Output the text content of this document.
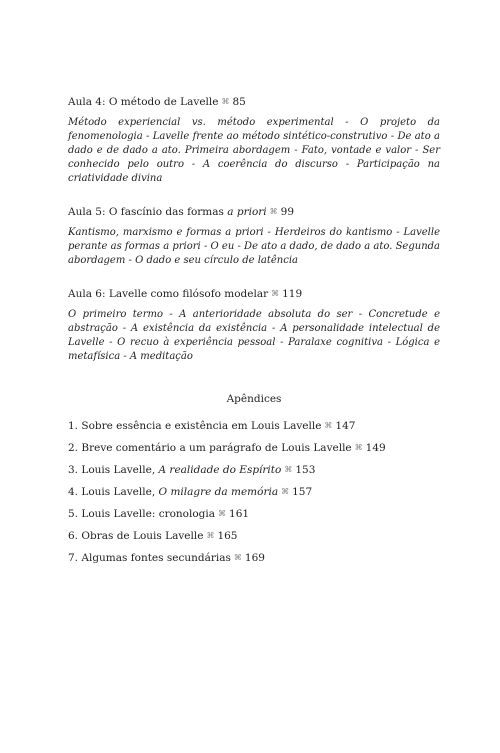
Aula 4: O método de Lavelle ⌘ 85

Método experiencial vs. método experimental - O projeto da fenomenologia - Lavelle frente ao método sintético-construtivo - De ato a dado e de dado a ato. Primeira abordagem - Fato, vontade e valor - Ser conhecido pelo outro - A coerência do discurso - Participação na criatividade divina

Aula 5: O fascínio das formas a priori ⌘ 99

Kantismo, marxismo e formas a priori - Herdeiros do kantismo - Lavelle perante as formas a priori - O eu - De ato a dado, de dado a ato. Segunda abordagem - O dado e seu círculo de latência

Aula 6: Lavelle como filósofo modelar ⌘ 119

O primeiro termo - A anterioridade absoluta do ser - Concretude e abstração - A existência da existência - A personalidade intelectual de Lavelle - O recuo à experiência pessoal - Paralaxe cognitiva - Lógica e metafísica - A meditação

Apêndices
1. Sobre essência e existência em Louis Lavelle ⌘ 147
2. Breve comentário a um parágrafo de Louis Lavelle ⌘ 149
3. Louis Lavelle, A realidade do Espírito ⌘ 153
4. Louis Lavelle, O milagre da memória ⌘ 157
5. Louis Lavelle: cronologia ⌘ 161
6. Obras de Louis Lavelle ⌘ 165
7. Algumas fontes secundárias ⌘ 169
